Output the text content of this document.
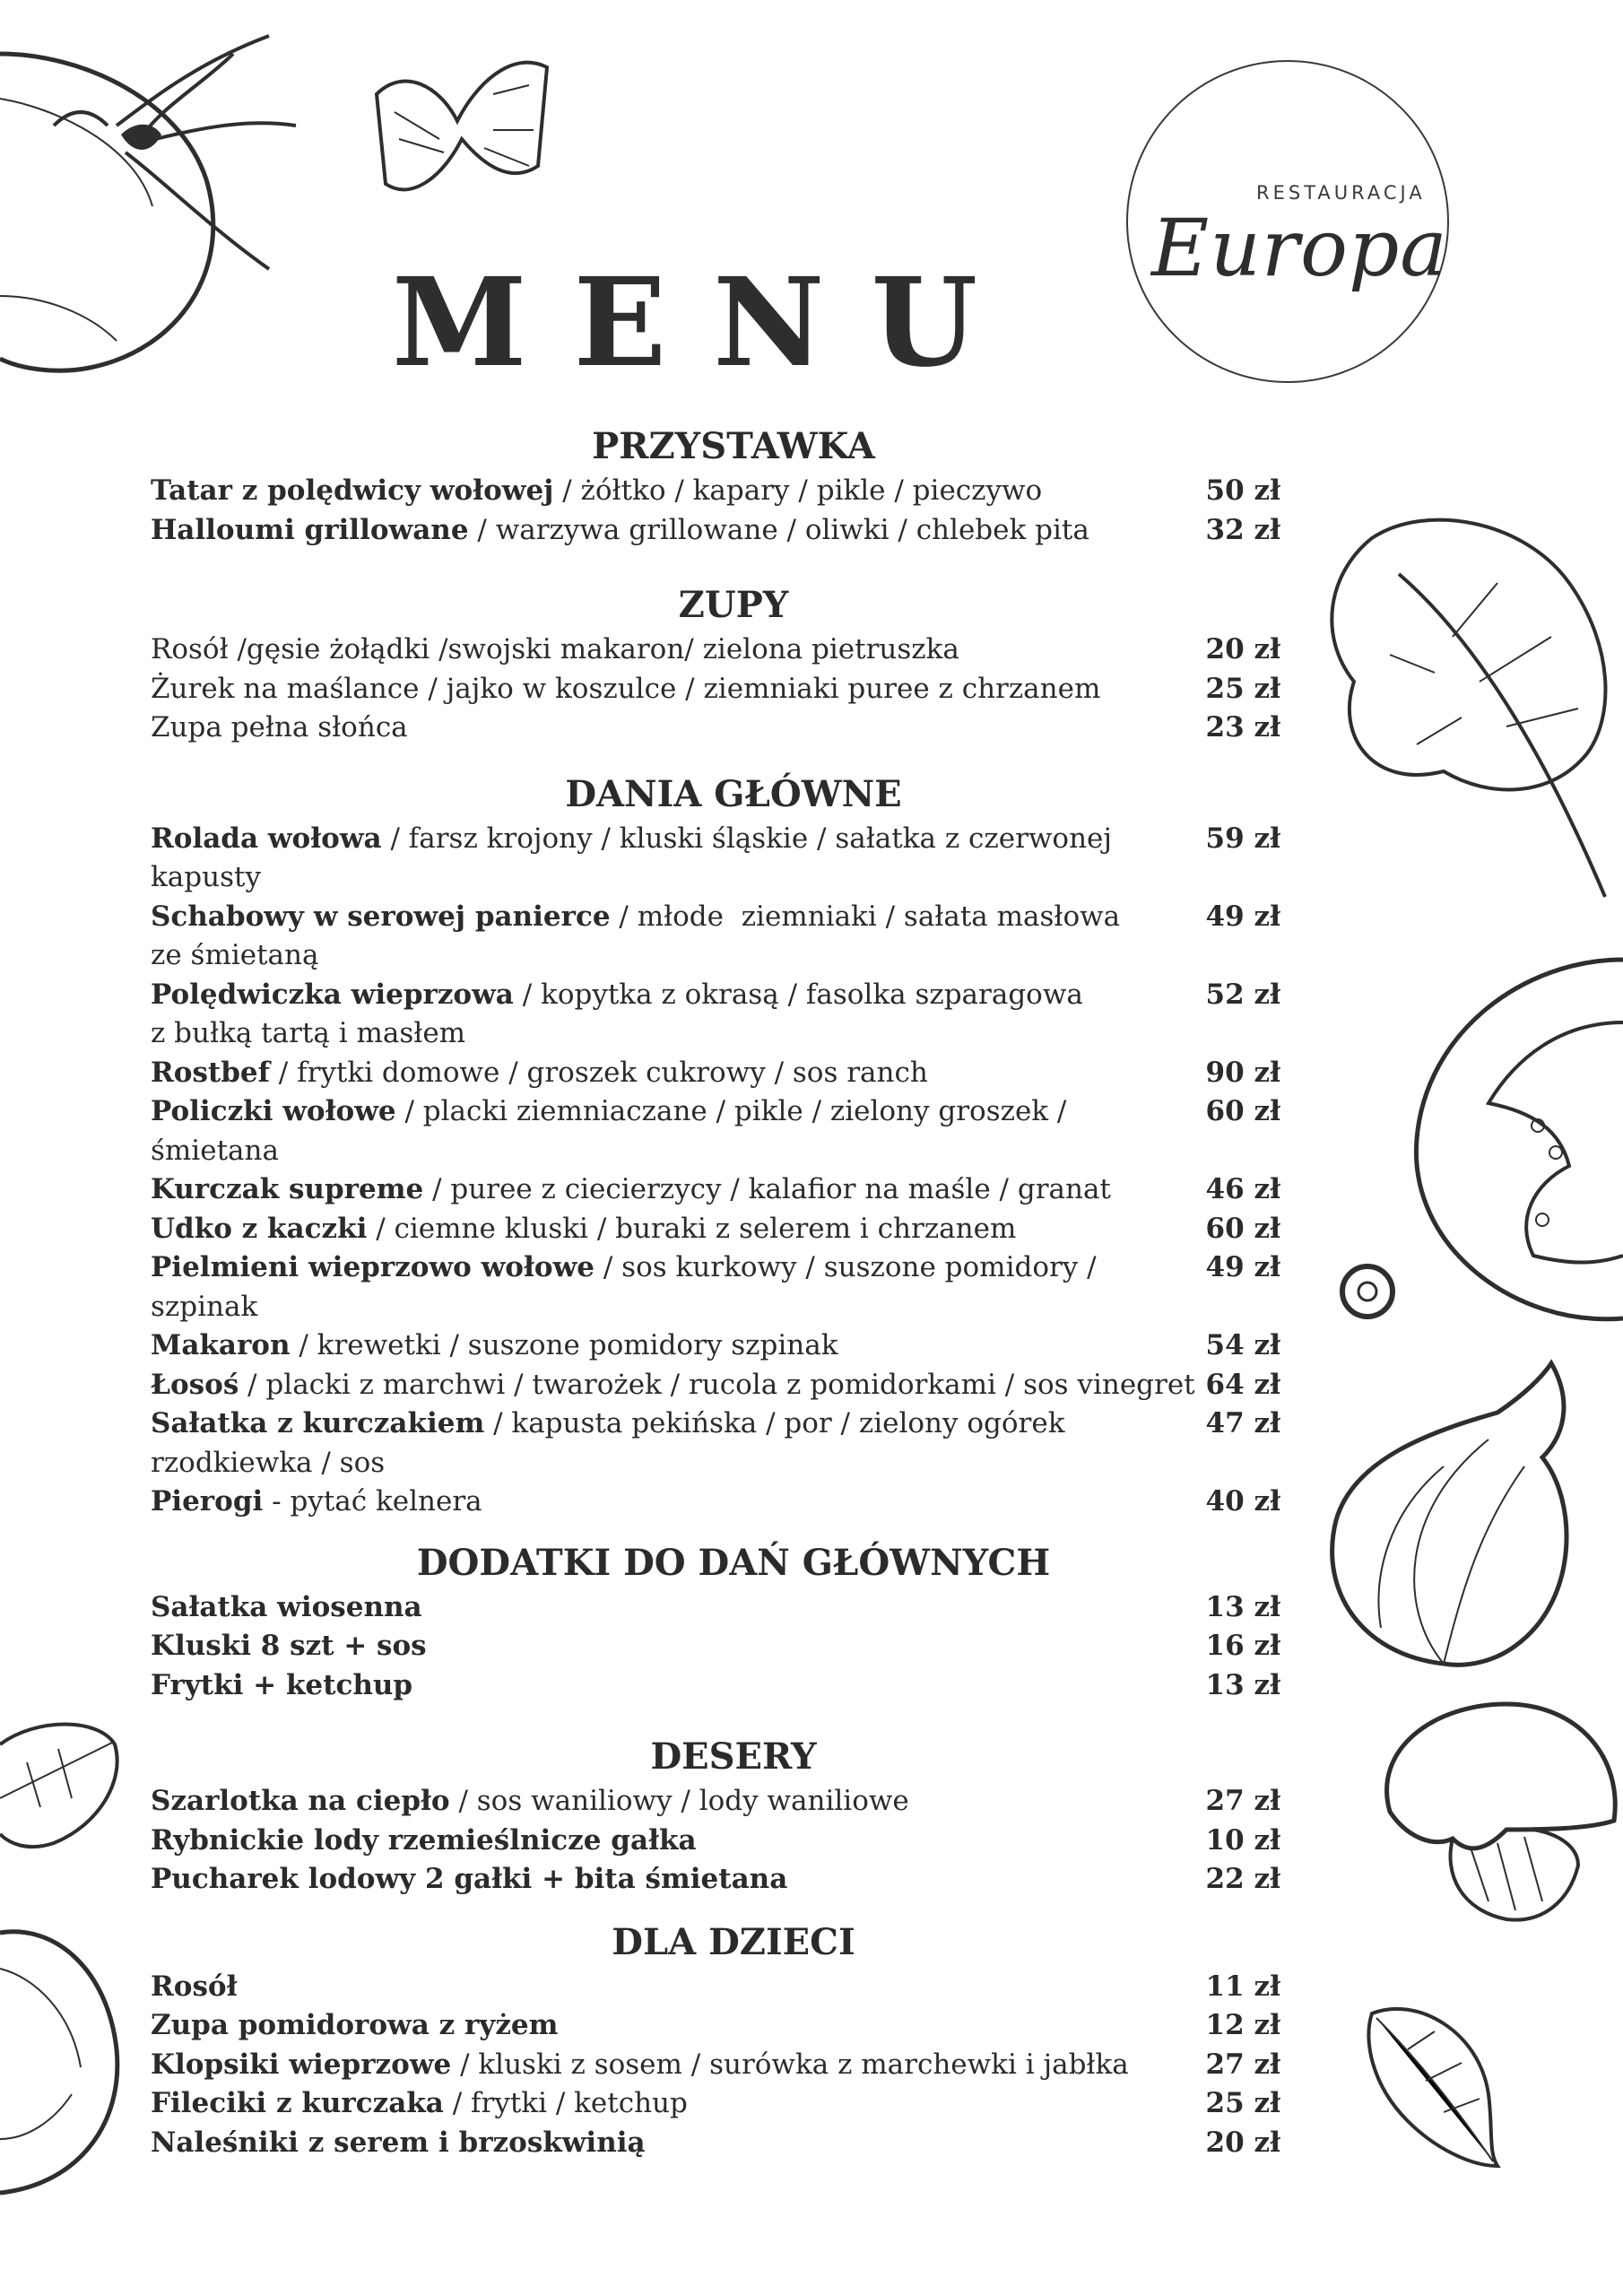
MENU
RESTAURACJA
Europa
PRZYSTAWKA
Tatar z polędwicy wołowej / żółtko / kapary / pikle / pieczywo	50 zł
Halloumi grillowane / warzywa grillowane / oliwki / chlebek pita	32 zł
ZUPY
Rosół /gęsie żołądki /swojski makaron/ zielona pietruszka	20 zł
Żurek na maślance / jajko w koszulce / ziemniaki puree z chrzanem	25 zł
Zupa pełna słońca	23 zł
DANIA GŁÓWNE
Rolada wołowa / farsz krojony / kluski śląskie / sałatka z czerwonej kapusty
59 zł
Schabowy w serowej panierce / młode  ziemniaki / sałata masłowa
ze śmietaną
49 zł
Polędwiczka wieprzowa / kopytka z okrasą / fasolka szparagowa
z bułką tartą i masłem
52 zł
Rostbef / frytki domowe / groszek cukrowy / sos ranch	90 zł
Policzki wołowe / placki ziemniaczane / pikle / zielony groszek / śmietana
60 zł
Kurczak supreme / puree z ciecierzycy / kalafior na maśle / granat	46 zł
Udko z kaczki / ciemne kluski / buraki z selerem i chrzanem	60 zł
Pielmieni wieprzowo wołowe / sos kurkowy / suszone pomidory / szpinak
49 zł
Makaron / krewetki / suszone pomidory szpinak	54 zł
Łosoś / placki z marchwi / twarożek / rucola z pomidorkami / sos vinegret 64 zł
Sałatka z kurczakiem / kapusta pekińska / por / zielony ogórek
rzodkiewka / sos
47 zł
Pierogi - pytać kelnera	40 zł
DODATKI DO DAŃ GŁÓWNYCH
Sałatka wiosenna	13 zł
Kluski 8 szt + sos	16 zł
Frytki + ketchup	13 zł
DESERY
Szarlotka na ciepło / sos waniliowy / lody waniliowe	27 zł
Rybnickie lody rzemieślnicze gałka	10 zł
Pucharek lodowy 2 gałki + bita śmietana	22 zł
DLA DZIECI
Rosół	11 zł
Zupa pomidorowa z ryżem	12 zł
Klopsiki wieprzowe / kluski z sosem / surówka z marchewki i jabłka	27 zł
Fileciki z kurczaka / frytki / ketchup	25 zł
Naleśniki z serem i brzoskwinią	20 zł
